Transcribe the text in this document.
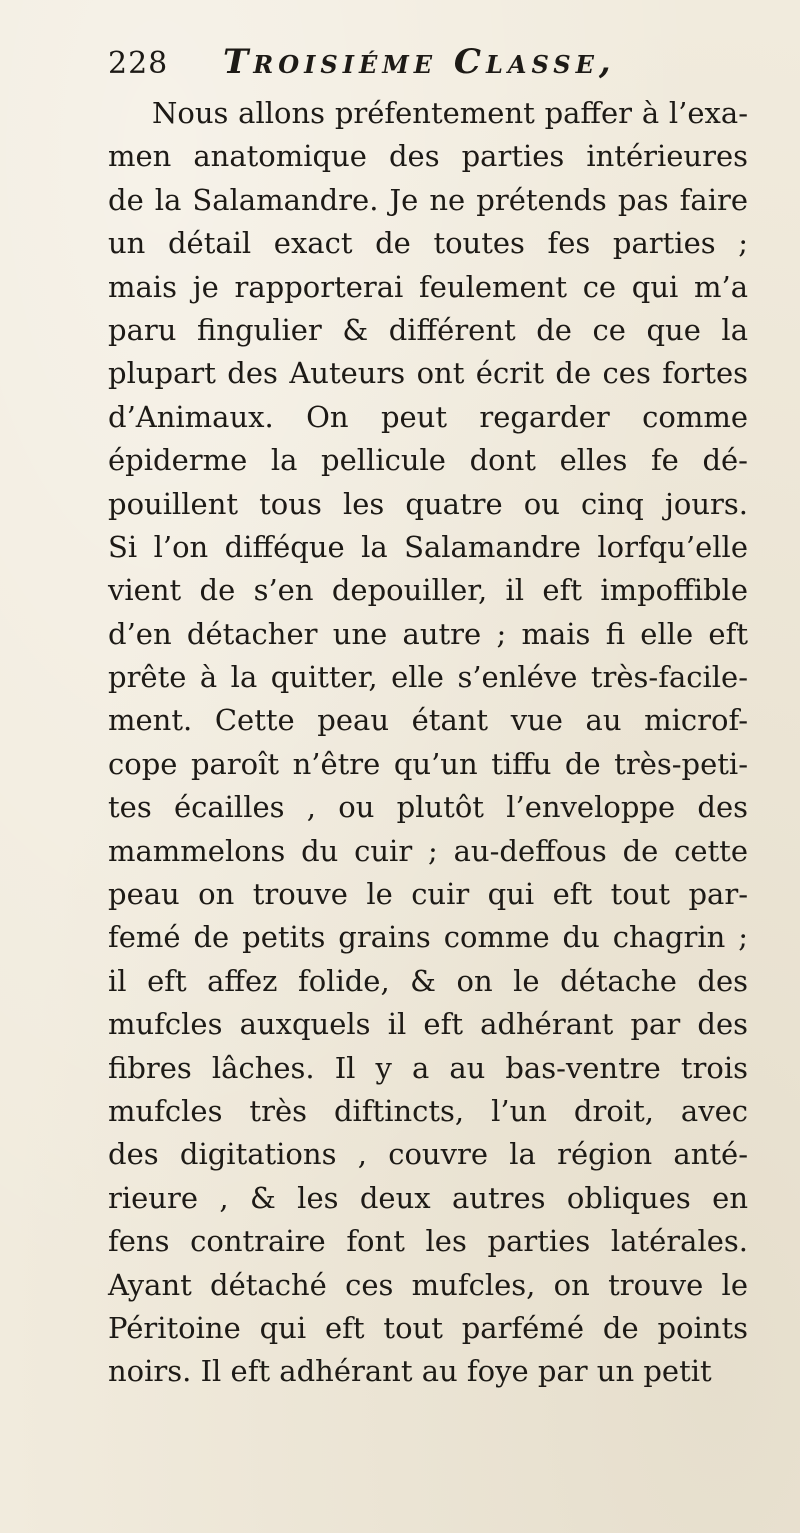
228 Troisiéme Classe,
Nous allons préfentement paffer à l’exa-
men anatomique des parties intérieures
de la Salamandre. Je ne prétends pas faire
un détail exact de toutes fes parties ;
mais je rapporterai feulement ce qui m’a
paru fingulier & différent de ce que la
plupart des Auteurs ont écrit de ces fortes
d’Animaux. On peut regarder comme
épiderme la pellicule dont elles fe dé-
pouillent tous les quatre ou cinq jours.
Si l’on difféque la Salamandre lorfqu’elle
vient de s’en depouiller, il eft impoffible
d’en détacher une autre ; mais fi elle eft
prête à la quitter, elle s’enléve très-facile-
ment. Cette peau étant vue au microf-
cope paroît n’être qu’un tiffu de très-peti-
tes écailles , ou plutôt l’enveloppe des
mammelons du cuir ; au-deffous de cette
peau on trouve le cuir qui eft tout par-
femé de petits grains comme du chagrin ;
il eft affez folide, & on le détache des
mufcles auxquels il eft adhérant par des
fibres lâches. Il y a au bas-ventre trois
mufcles très diftincts, l’un droit, avec
des digitations , couvre la région anté-
rieure , & les deux autres obliques en
fens contraire font les parties latérales.
Ayant détaché ces mufcles, on trouve le
Péritoine qui eft tout parfémé de points
noirs. Il eft adhérant au foye par un petit
